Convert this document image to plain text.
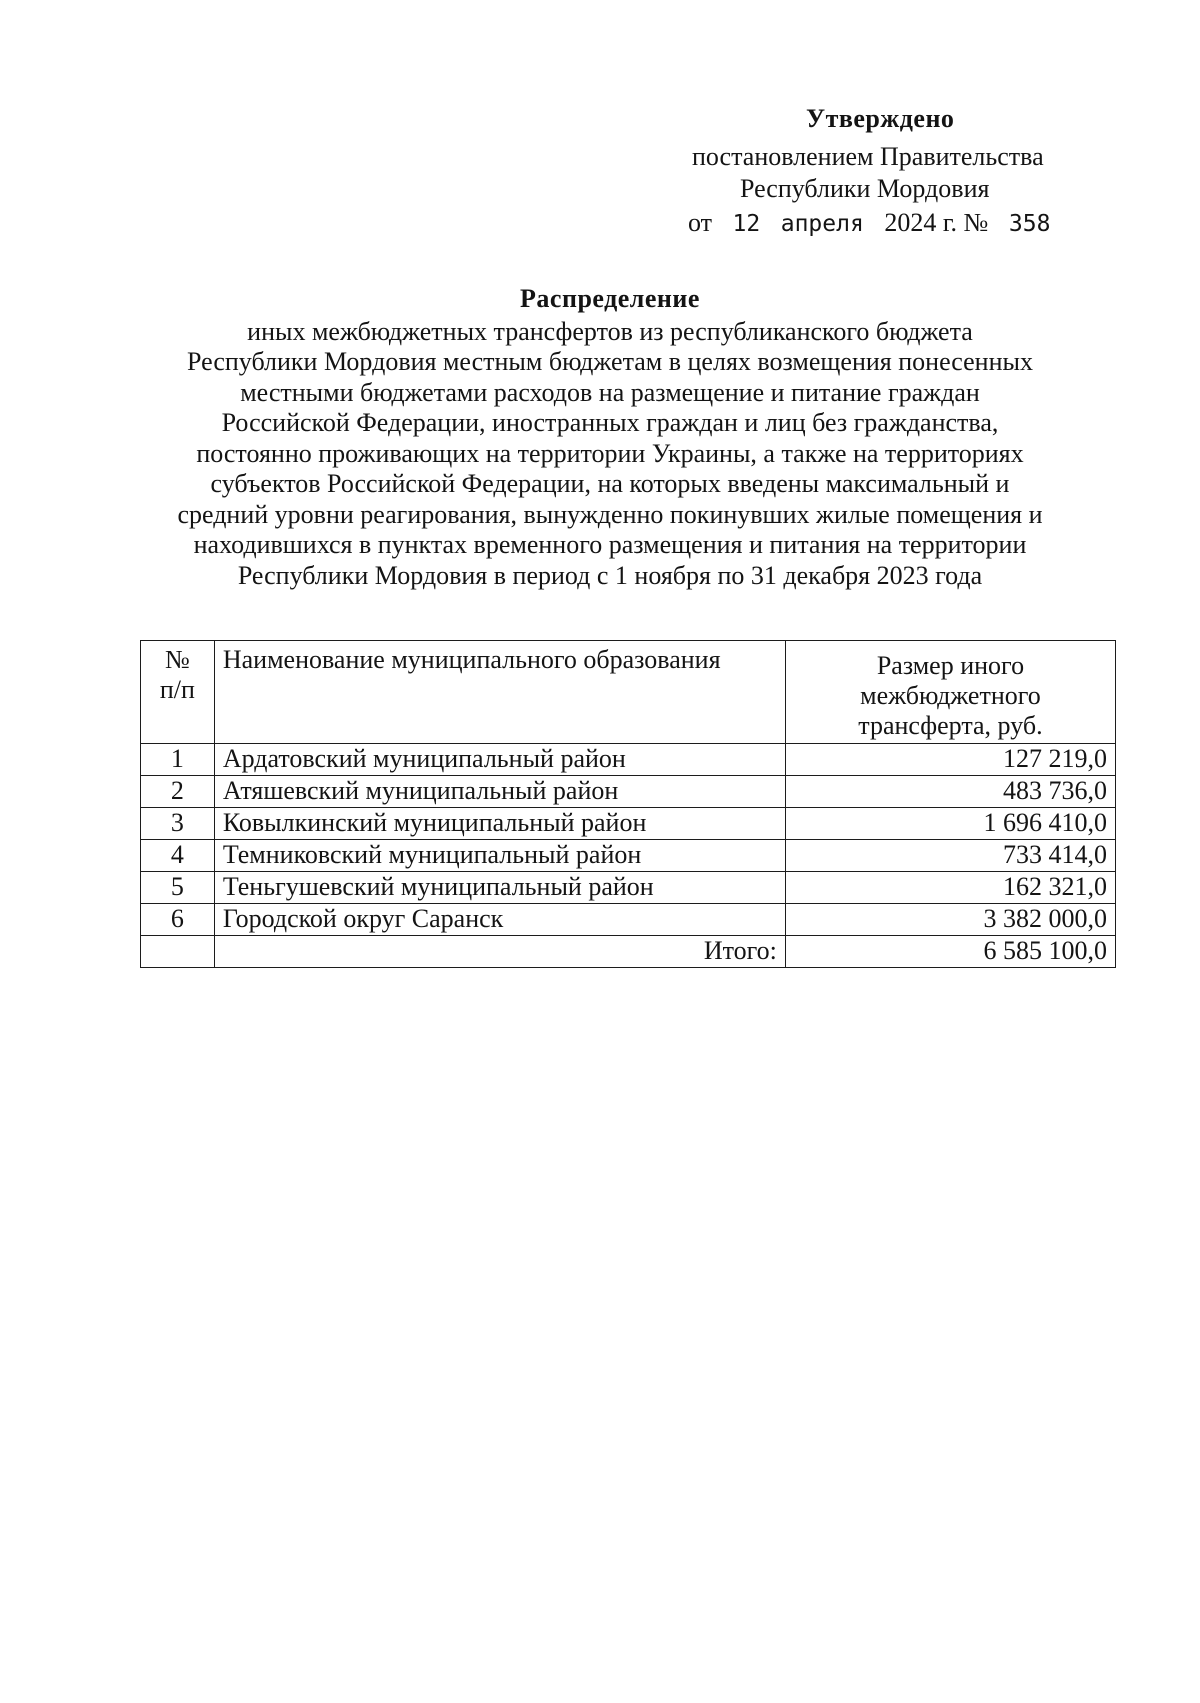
Утверждено
постановлением Правительства
Республики Мордовия
от 12 апреля 2024 г. № 358
Распределение
иных межбюджетных трансфертов из республиканского бюджета
Республики Мордовия местным бюджетам в целях возмещения понесенных
местными бюджетами расходов на размещение и питание граждан
Российской Федерации, иностранных граждан и лиц без гражданства,
постоянно проживающих на территории Украины, а также на территориях
субъектов Российской Федерации, на которых введены максимальный и
средний уровни реагирования, вынужденно покинувших жилые помещения и
находившихся в пунктах временного размещения и питания на территории
Республики Мордовия в период с 1 ноября по 31 декабря 2023 года
№
п/п	Наименование муниципального образования	Размер иного межбюджетного трансферта, руб.
1	Ардатовский муниципальный район	127 219,0
2	Атяшевский муниципальный район	483 736,0
3	Ковылкинский муниципальный район	1 696 410,0
4	Темниковский муниципальный район	733 414,0
5	Теньгушевский муниципальный район	162 321,0
6	Городской округ Саранск	3 382 000,0
	Итого:	6 585 100,0
